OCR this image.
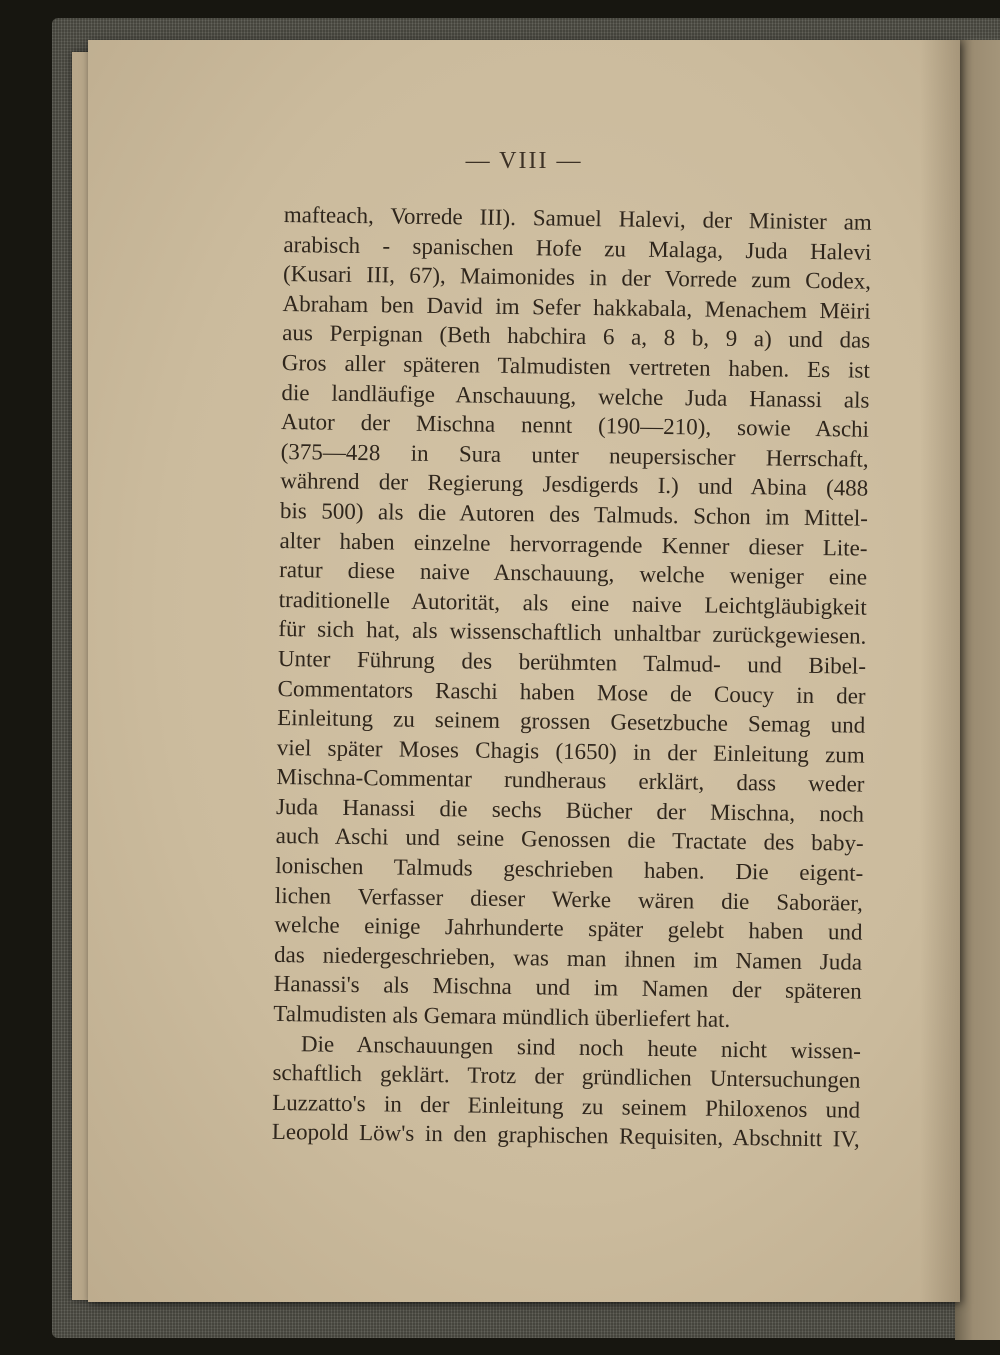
— VIII —
mafteach, Vorrede III). Samuel Halevi, der Minister am
arabisch - spanischen Hofe zu Malaga, Juda Halevi
(Kusari III, 67), Maimonides in der Vorrede zum Codex,
Abraham ben David im Sefer hakkabala, Menachem Mëiri
aus Perpignan (Beth habchira 6 a, 8 b, 9 a) und das
Gros aller späteren Talmudisten vertreten haben. Es ist
die landläufige Anschauung, welche Juda Hanassi als
Autor der Mischna nennt (190—210), sowie Aschi
(375—428 in Sura unter neupersischer Herrschaft,
während der Regierung Jesdigerds I.) und Abina (488
bis 500) als die Autoren des Talmuds. Schon im Mittel-
alter haben einzelne hervorragende Kenner dieser Lite-
ratur diese naive Anschauung, welche weniger eine
traditionelle Autorität, als eine naive Leichtgläubigkeit
für sich hat, als wissenschaftlich unhaltbar zurückgewiesen.
Unter Führung des berühmten Talmud- und Bibel-
Commentators Raschi haben Mose de Coucy in der
Einleitung zu seinem grossen Gesetzbuche Semag und
viel später Moses Chagis (1650) in der Einleitung zum
Mischna-Commentar rundheraus erklärt, dass weder
Juda Hanassi die sechs Bücher der Mischna, noch
auch Aschi und seine Genossen die Tractate des baby-
lonischen Talmuds geschrieben haben. Die eigent-
lichen Verfasser dieser Werke wären die Saboräer,
welche einige Jahrhunderte später gelebt haben und
das niedergeschrieben, was man ihnen im Namen Juda
Hanassi's als Mischna und im Namen der späteren
Talmudisten als Gemara mündlich überliefert hat.
Die Anschauungen sind noch heute nicht wissen-
schaftlich geklärt. Trotz der gründlichen Untersuchungen
Luzzatto's in der Einleitung zu seinem Philoxenos und
Leopold Löw's in den graphischen Requisiten, Abschnitt IV,
